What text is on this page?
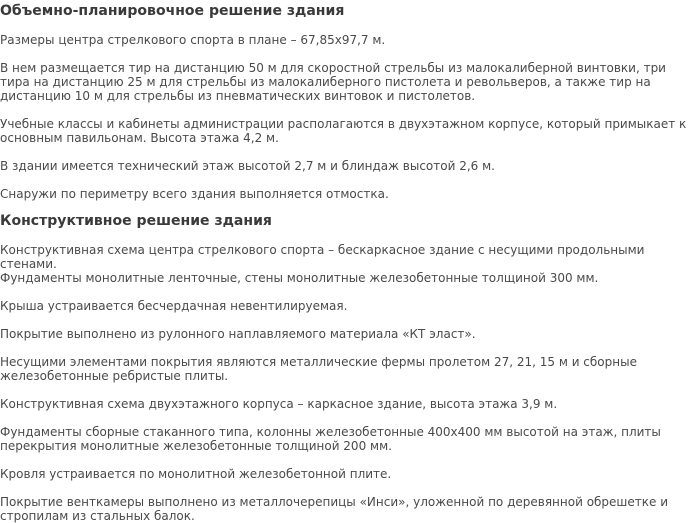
Объемно-планировочное решение здания

Размеры центра стрелкового спорта в плане – 67,85х97,7 м.

В нем размещается тир на дистанцию 50 м для скоростной стрельбы из малокалиберной винтовки, три тира на дистанцию 25 м для стрельбы из малокалиберного пистолета и револьверов, а также тир на дистанцию 10 м для стрельбы из пневматических винтовок и пистолетов.

Учебные классы и кабинеты администрации располагаются в двухэтажном корпусе, который примыкает к основным павильонам. Высота этажа 4,2 м.

В здании имеется технический этаж высотой 2,7 м и блиндаж высотой 2,6 м.

Снаружи по периметру всего здания выполняется отмостка.

Конструктивное решение здания

Конструктивная схема центра стрелкового спорта – бескаркасное здание с несущими продольными стенами.

Фундаменты монолитные ленточные, стены монолитные железобетонные толщиной 300 мм.

Крыша устраивается бесчердачная невентилируемая.

Покрытие выполнено из рулонного наплавляемого материала «КТ эласт».

Несущими элементами покрытия являются металлические фермы пролетом 27, 21, 15 м и сборные железобетонные ребристые плиты.

Конструктивная схема двухэтажного корпуса – каркасное здание, высота этажа 3,9 м.

Фундаменты сборные стаканного типа, колонны железобетонные 400х400 мм высотой на этаж, плиты перекрытия монолитные железобетонные толщиной 200 мм.

Кровля устраивается по монолитной железобетонной плите.

Покрытие венткамеры выполнено из металлочерепицы «Инси», уложенной по деревянной обрешетке и стропилам из стальных балок.
